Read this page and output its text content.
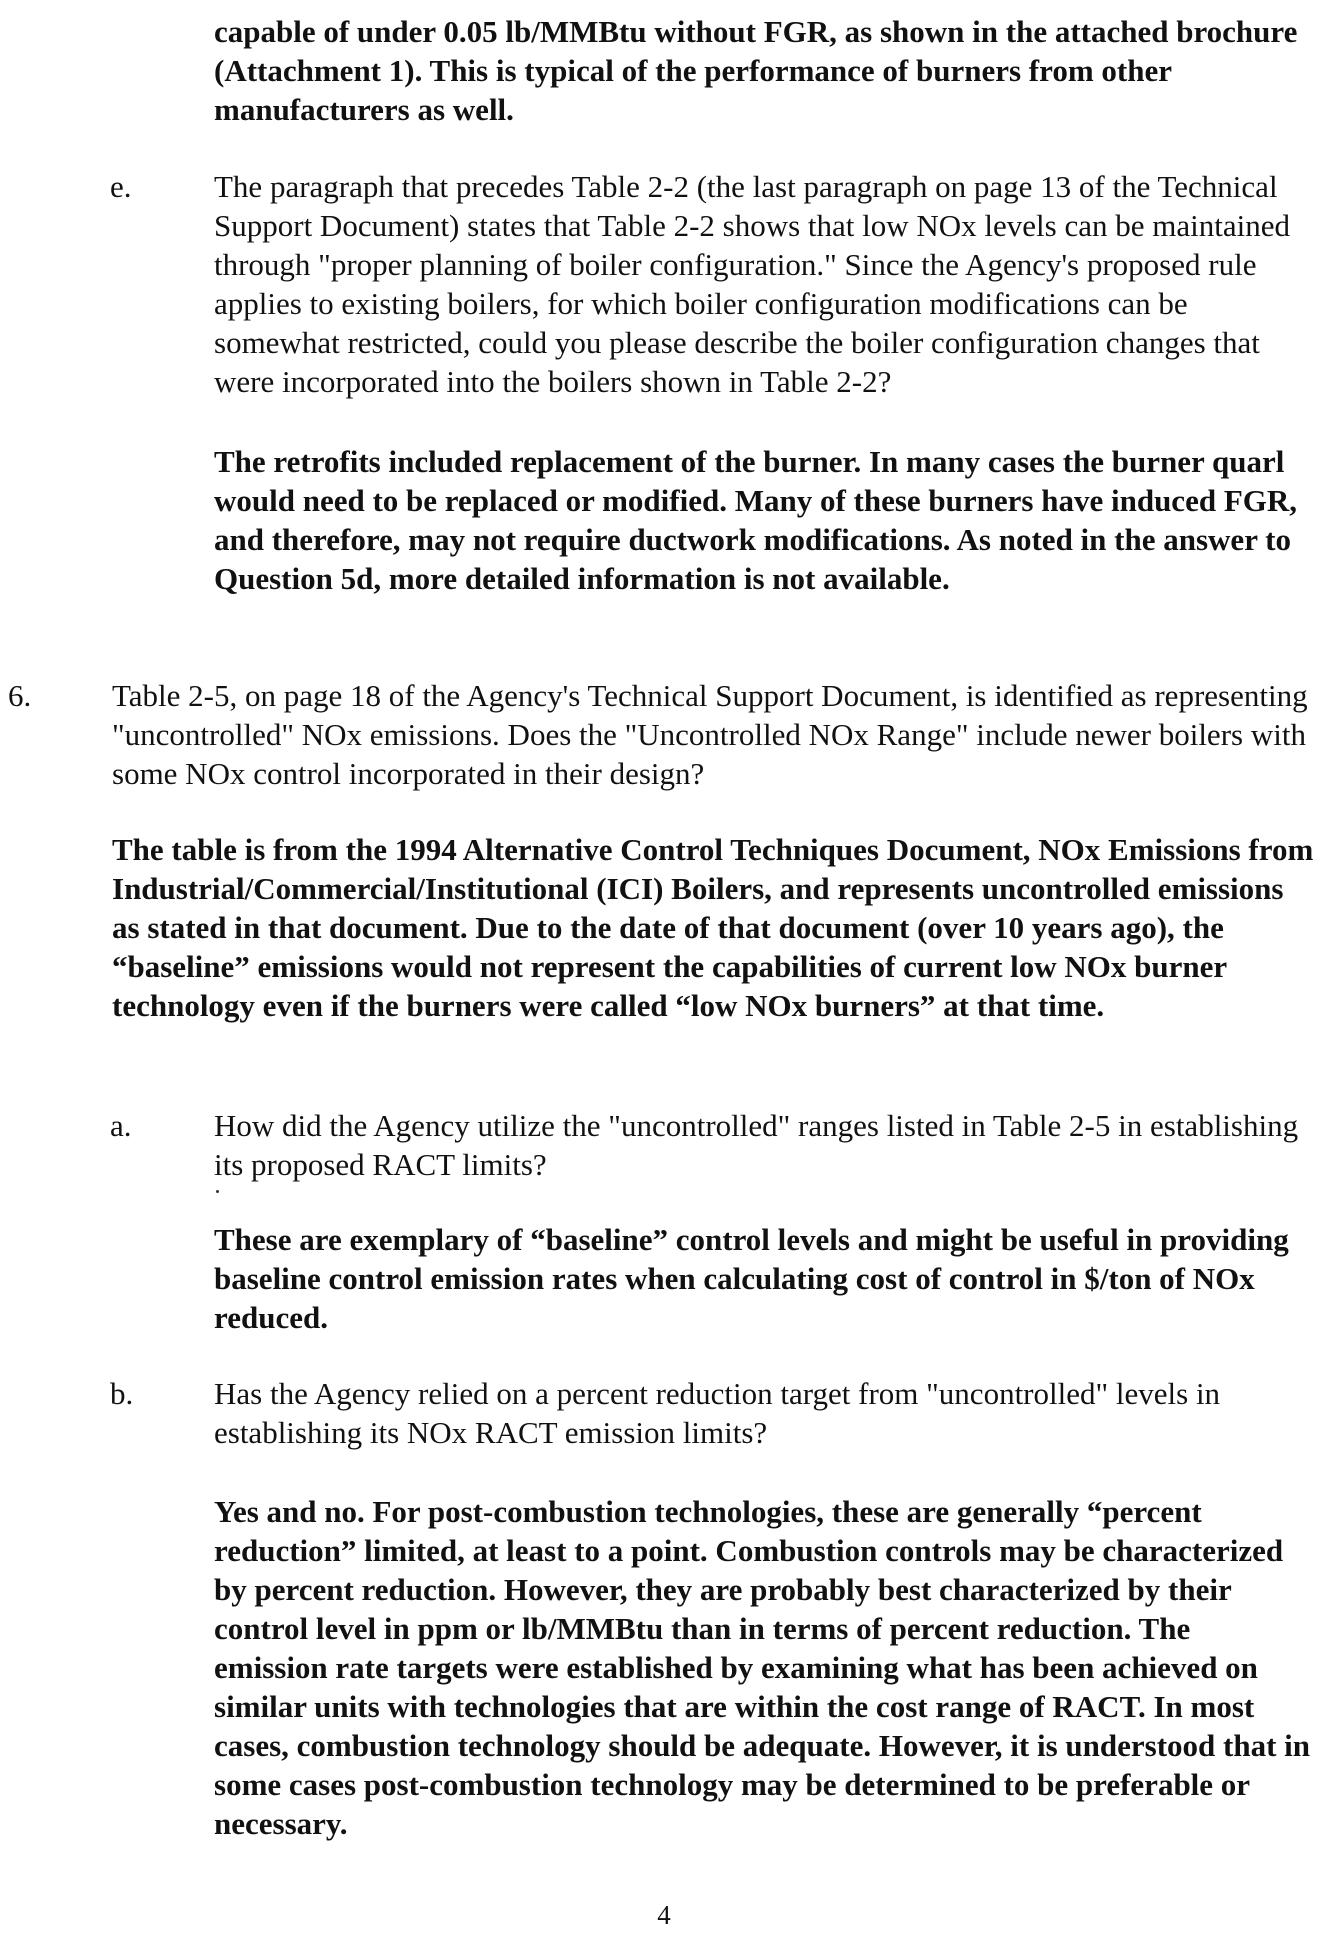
capable of under 0.05 lb/MMBtu without FGR, as shown in the attached brochure (Attachment 1). This is typical of the performance of burners from other manufacturers as well.

e.	The paragraph that precedes Table 2-2 (the last paragraph on page 13 of the Technical Support Document) states that Table 2-2 shows that low NOx levels can be maintained through "proper planning of boiler configuration." Since the Agency's proposed rule applies to existing boilers, for which boiler configuration modifications can be somewhat restricted, could you please describe the boiler configuration changes that were incorporated into the boilers shown in Table 2-2?

The retrofits included replacement of the burner. In many cases the burner quarl would need to be replaced or modified. Many of these burners have induced FGR, and therefore, may not require ductwork modifications. As noted in the answer to Question 5d, more detailed information is not available.

6.	Table 2-5, on page 18 of the Agency's Technical Support Document, is identified as representing "uncontrolled" NOx emissions. Does the "Uncontrolled NOx Range" include newer boilers with some NOx control incorporated in their design?

The table is from the 1994 Alternative Control Techniques Document, NOx Emissions from Industrial/Commercial/Institutional (ICI) Boilers, and represents uncontrolled emissions as stated in that document. Due to the date of that document (over 10 years ago), the “baseline” emissions would not represent the capabilities of current low NOx burner technology even if the burners were called “low NOx burners” at that time.

a.	How did the Agency utilize the "uncontrolled" ranges listed in Table 2-5 in establishing its proposed RACT limits?

These are exemplary of “baseline” control levels and might be useful in providing baseline control emission rates when calculating cost of control in $/ton of NOx reduced.

b.	Has the Agency relied on a percent reduction target from "uncontrolled" levels in establishing its NOx RACT emission limits?

Yes and no. For post-combustion technologies, these are generally “percent reduction” limited, at least to a point. Combustion controls may be characterized by percent reduction. However, they are probably best characterized by their control level in ppm or lb/MMBtu than in terms of percent reduction. The emission rate targets were established by examining what has been achieved on similar units with technologies that are within the cost range of RACT. In most cases, combustion technology should be adequate. However, it is understood that in some cases post-combustion technology may be determined to be preferable or necessary.

4
